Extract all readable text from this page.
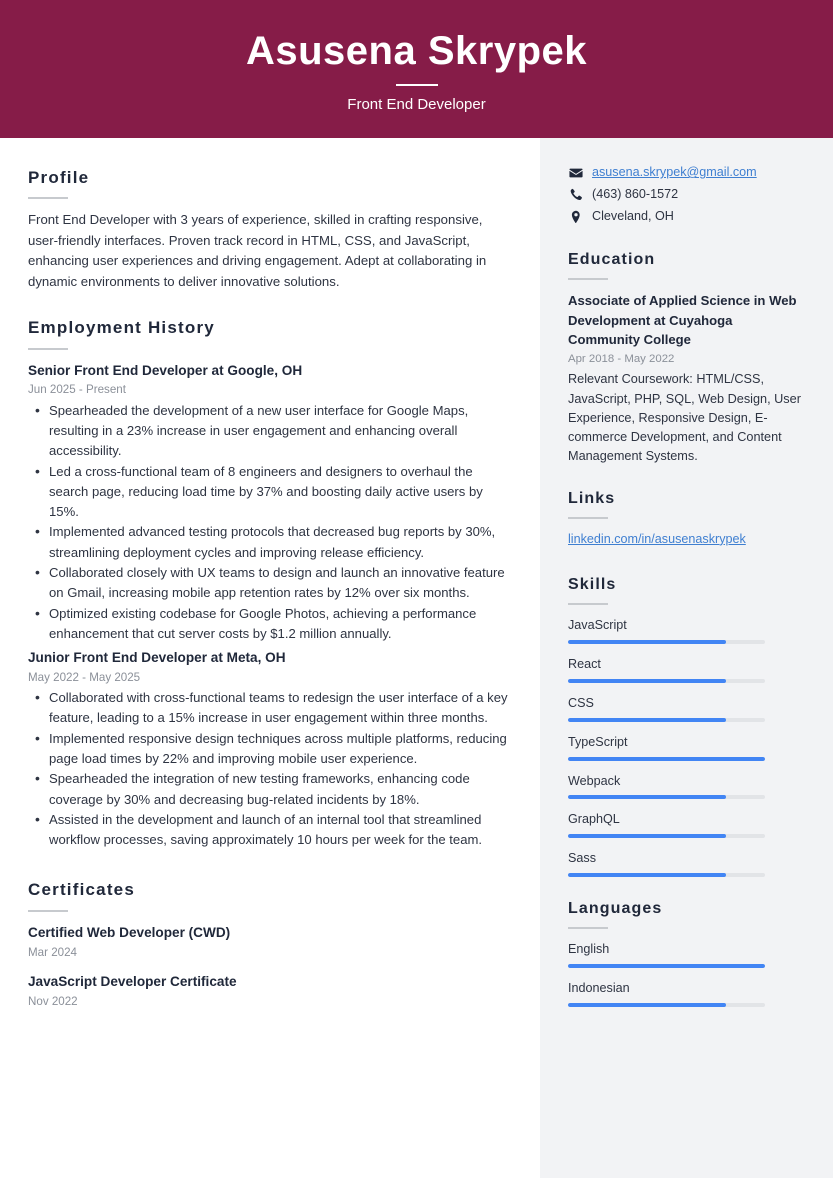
Asusena Skrypek
Front End Developer
Profile
Front End Developer with 3 years of experience, skilled in crafting responsive, user-friendly interfaces. Proven track record in HTML, CSS, and JavaScript, enhancing user experiences and driving engagement. Adept at collaborating in dynamic environments to deliver innovative solutions.
Employment History
Senior Front End Developer at Google, OH
Jun 2025 - Present
• Spearheaded the development of a new user interface for Google Maps, resulting in a 23% increase in user engagement and enhancing overall accessibility.
• Led a cross-functional team of 8 engineers and designers to overhaul the search page, reducing load time by 37% and boosting daily active users by 15%.
• Implemented advanced testing protocols that decreased bug reports by 30%, streamlining deployment cycles and improving release efficiency.
• Collaborated closely with UX teams to design and launch an innovative feature on Gmail, increasing mobile app retention rates by 12% over six months.
• Optimized existing codebase for Google Photos, achieving a performance enhancement that cut server costs by $1.2 million annually.
Junior Front End Developer at Meta, OH
May 2022 - May 2025
• Collaborated with cross-functional teams to redesign the user interface of a key feature, leading to a 15% increase in user engagement within three months.
• Implemented responsive design techniques across multiple platforms, reducing page load times by 22% and improving mobile user experience.
• Spearheaded the integration of new testing frameworks, enhancing code coverage by 30% and decreasing bug-related incidents by 18%.
• Assisted in the development and launch of an internal tool that streamlined workflow processes, saving approximately 10 hours per week for the team.
Certificates
Certified Web Developer (CWD)
Mar 2024
JavaScript Developer Certificate
Nov 2022
asusena.skrypek@gmail.com
(463) 860-1572
Cleveland, OH
Education
Associate of Applied Science in Web Development at Cuyahoga Community College
Apr 2018 - May 2022
Relevant Coursework: HTML/CSS, JavaScript, PHP, SQL, Web Design, User Experience, Responsive Design, E-commerce Development, and Content Management Systems.
Links
linkedin.com/in/asusenaskrypek
Skills
JavaScript
React
CSS
TypeScript
Webpack
GraphQL
Sass
Languages
English
Indonesian
